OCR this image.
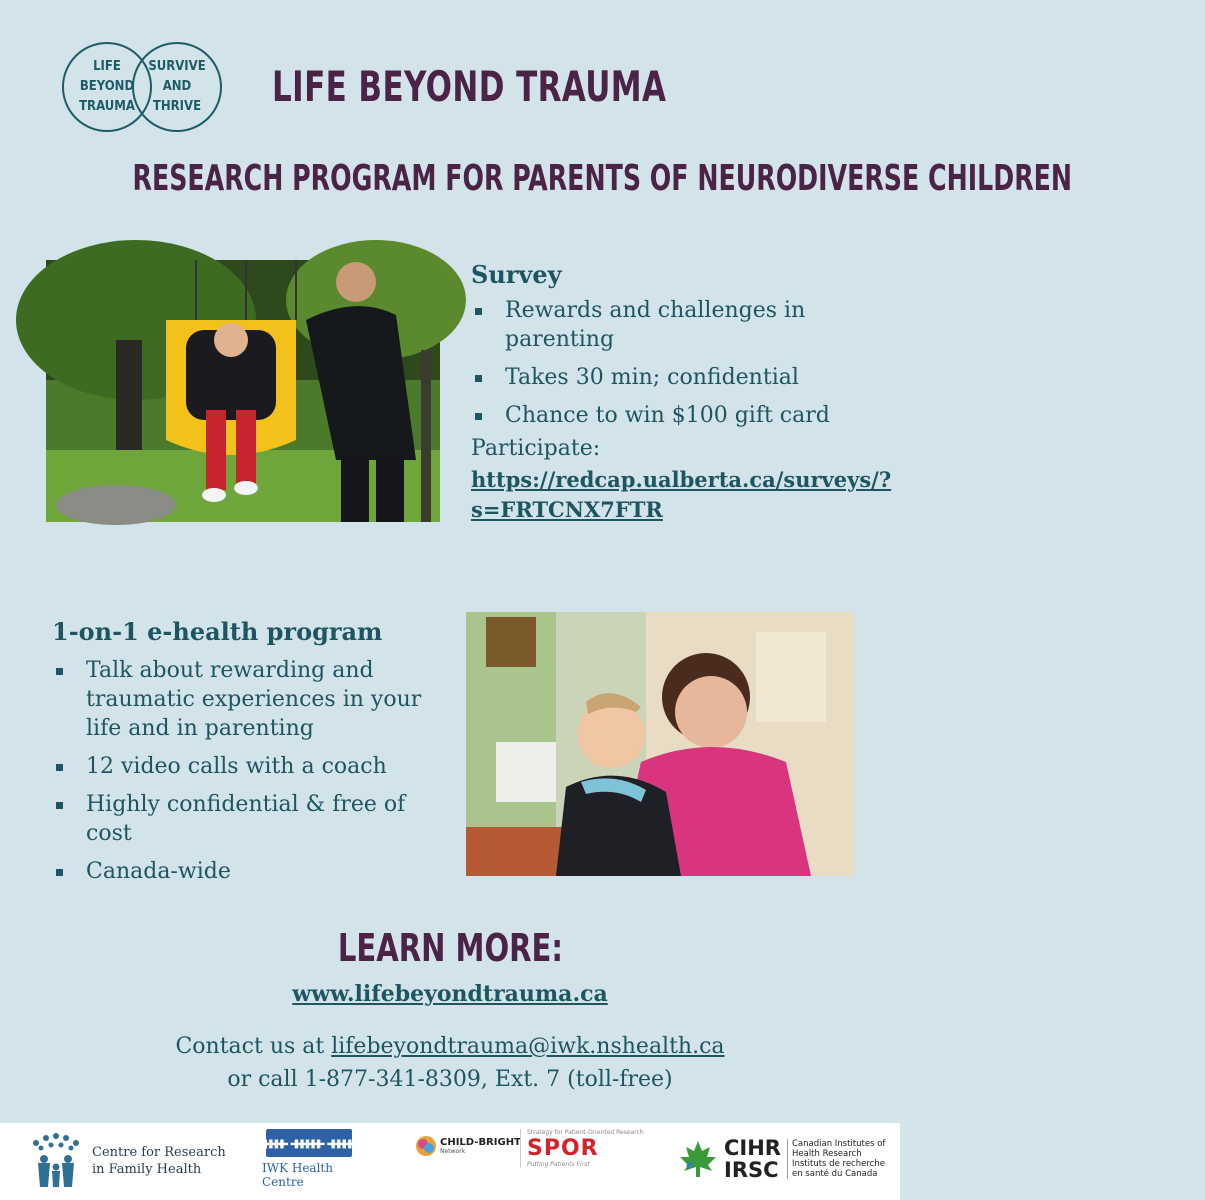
LIFE
BEYOND
TRAUMA
SURVIVE
AND
THRIVE LIFE BEYOND TRAUMA
RESEARCH PROGRAM FOR PARENTS OF NEURODIVERSE CHILDREN
Survey
Rewards and challenges in parenting
Takes 30 min; confidential
Chance to win $100 gift card
Participate:
https://redcap.ualberta.ca/surveys/?s=FRTCNX7FTR
1-on-1 e-health program
Talk about rewarding and traumatic experiences in your life and in parenting
12 video calls with a coach
Highly confidential & free of cost
Canada-wide
LEARN MORE:
www.lifebeyondtrauma.ca
Contact us at lifebeyondtrauma@iwk.nshealth.ca
or call 1-877-341-8309, Ext. 7 (toll-free)
Centre for Research
in Family Health
ᚔᚔᚔ
IWK Health Centre
CHILD-BRIGHT
Network
Strategy for Patient-Oriented Research
SPOR
Putting Patients First
CIHR
IRSC
Canadian Institutes of
Health Research
Instituts de recherche
en santé du Canada
